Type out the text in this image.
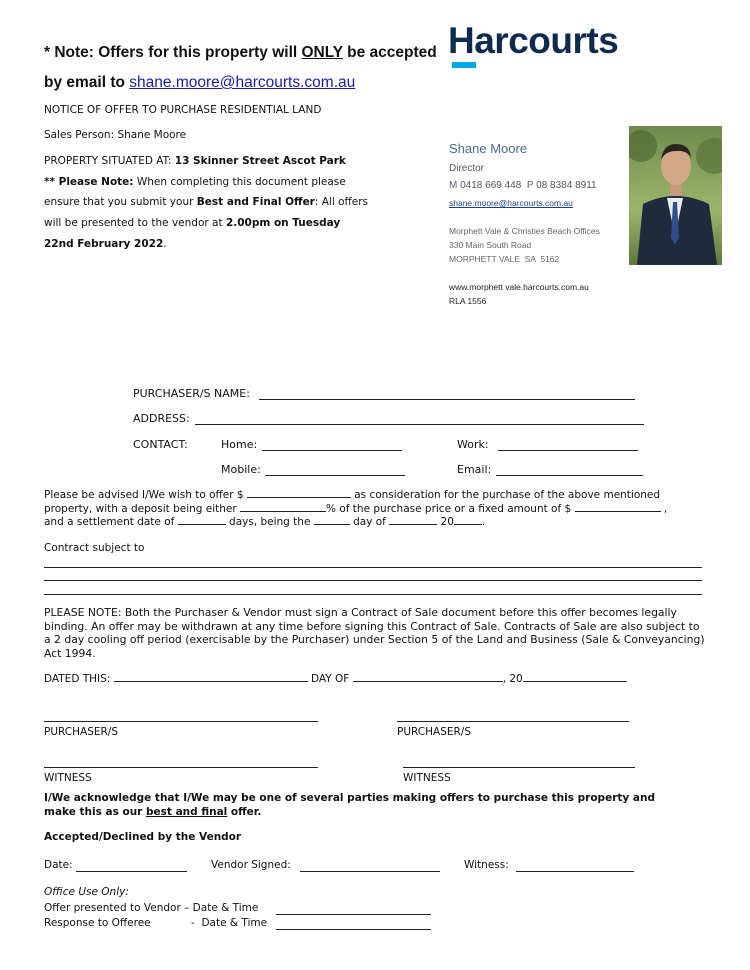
* Note: Offers for this property will ONLY be accepted
by email to shane.moore@harcourts.com.au
NOTICE OF OFFER TO PURCHASE RESIDENTIAL LAND
Sales Person: Shane Moore
PROPERTY SITUATED AT: 13 Skinner Street Ascot Park
** Please Note: When completing this document please
ensure that you submit your Best and Final Offer: All offers
will be presented to the vendor at 2.00pm on Tuesday
22nd February 2022.
Harcourts
Shane Moore
Director
M 0418 669 448 P 08 8384 8911
shane.moore@harcourts.com.au
Morphett Vale & Christies Beach Offices
330 Main South Road
MORPHETT VALE  SA  5162
www.morphett vale.harcourts.com.au
RLA 1556
PURCHASER/S NAME:
ADDRESS:
CONTACT:	Home:	Work:
Mobile:	Email:
Please be advised I/We wish to offer $	as consideration for the purchase of the above mentioned
property, with a deposit being either	% of the purchase price or a fixed amount of $	,
and a settlement date of	days, being the	day of	20	.
Contract subject to
PLEASE NOTE: Both the Purchaser & Vendor must sign a Contract of Sale document before this offer becomes legally binding. An offer may be withdrawn at any time before signing this Contract of Sale. Contracts of Sale are also subject to a 2 day cooling off period (exercisable by the Purchaser) under Section 5 of the Land and Business (Sale & Conveyancing) Act 1994.
DATED THIS:	DAY OF	, 20
PURCHASER/S	PURCHASER/S
WITNESS	WITNESS
I/We acknowledge that I/We may be one of several parties making offers to purchase this property and
make this as our best and final offer.
Accepted/Declined by the Vendor
Date:	Vendor Signed:	Witness:
Office Use Only:
Offer presented to Vendor – Date & Time
Response to Offeree	-  Date & Time
